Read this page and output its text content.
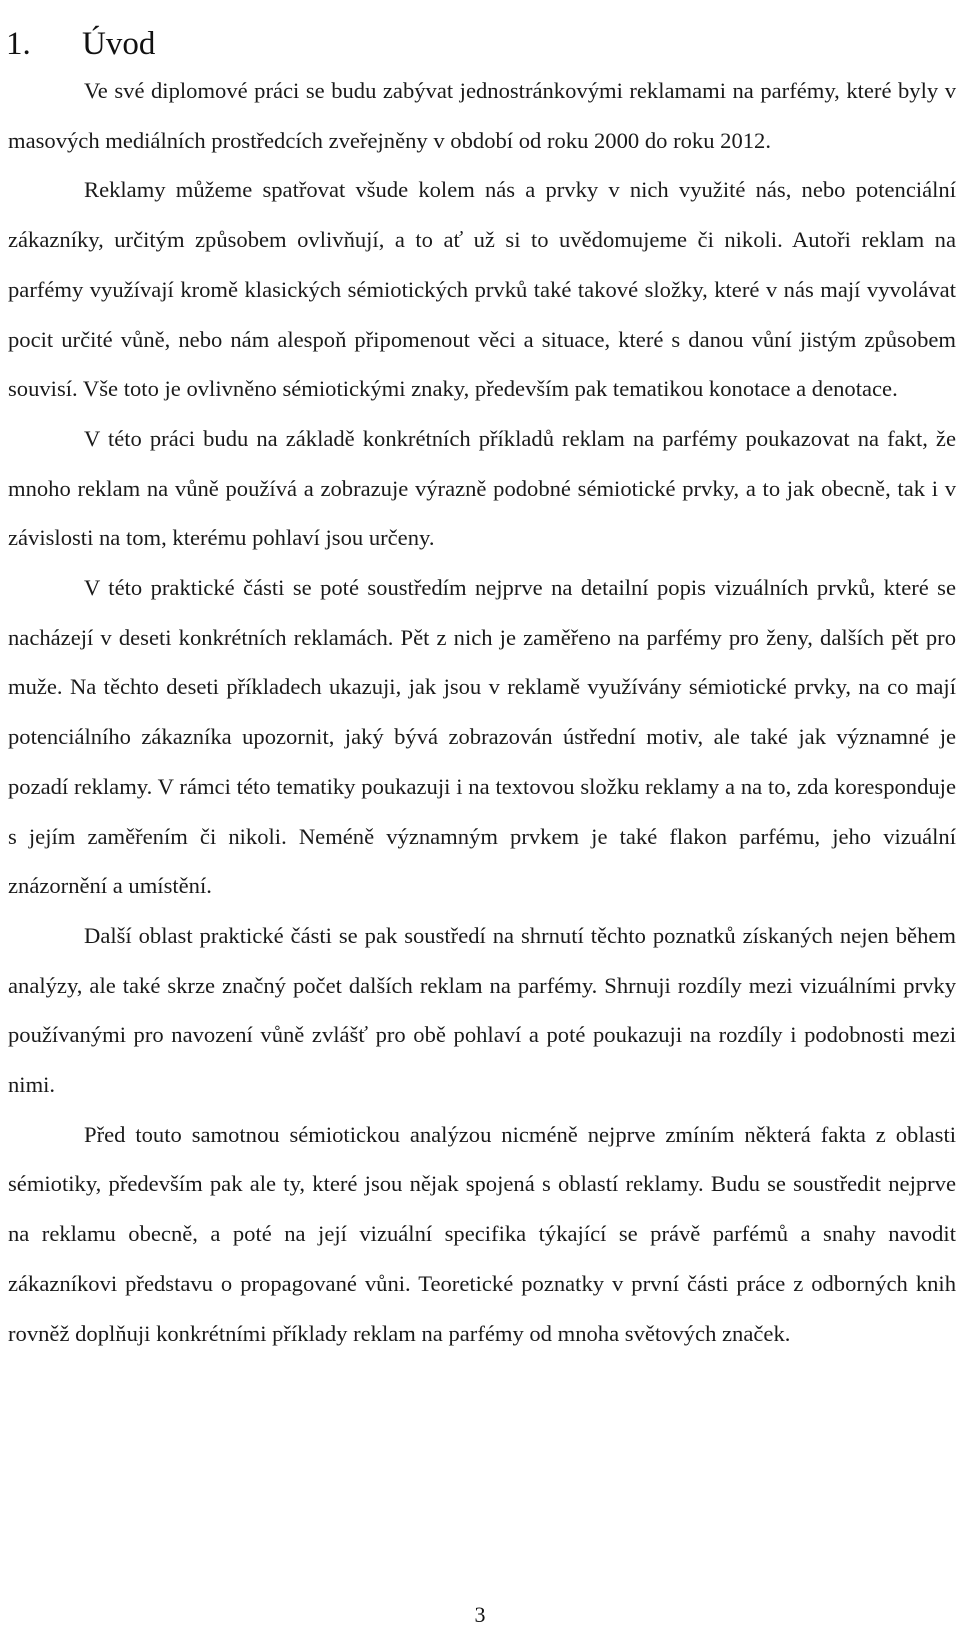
1.	Úvod

Ve své diplomové práci se budu zabývat jednostránkovými reklamami na parfémy, které byly v masových mediálních prostředcích zveřejněny v období od roku 2000 do roku 2012.

Reklamy můžeme spatřovat všude kolem nás a prvky v nich využité nás, nebo potenciální zákazníky, určitým způsobem ovlivňují, a to ať už si to uvědomujeme či nikoli. Autoři reklam na parfémy využívají kromě klasických sémiotických prvků také takové složky, které v nás mají vyvolávat pocit určité vůně, nebo nám alespoň připomenout věci a situace, které s danou vůní jistým způsobem souvisí. Vše toto je ovlivněno sémiotickými znaky, především pak tematikou konotace a denotace.

V této práci budu na základě konkrétních příkladů reklam na parfémy poukazovat na fakt, že mnoho reklam na vůně používá a zobrazuje výrazně podobné sémiotické prvky, a to jak obecně, tak i v závislosti na tom, kterému pohlaví jsou určeny.

V této praktické části se poté soustředím nejprve na detailní popis vizuálních prvků, které se nacházejí v deseti konkrétních reklamách. Pět z nich je zaměřeno na parfémy pro ženy, dalších pět pro muže. Na těchto deseti příkladech ukazuji, jak jsou v reklamě využívány sémiotické prvky, na co mají potenciálního zákazníka upozornit, jaký bývá zobrazován ústřední motiv, ale také jak významné je pozadí reklamy. V rámci této tematiky poukazuji i na textovou složku reklamy a na to, zda koresponduje s jejím zaměřením či nikoli. Neméně významným prvkem je také flakon parfému, jeho vizuální znázornění a umístění.

Další oblast praktické části se pak soustředí na shrnutí těchto poznatků získaných nejen během analýzy, ale také skrze značný počet dalších reklam na parfémy. Shrnuji rozdíly mezi vizuálními prvky používanými pro navození vůně zvlášť pro obě pohlaví a poté poukazuji na rozdíly i podobnosti mezi nimi.

Před touto samotnou sémiotickou analýzou nicméně nejprve zmíním některá fakta z oblasti sémiotiky, především pak ale ty, které jsou nějak spojená s oblastí reklamy. Budu se soustředit nejprve na reklamu obecně, a poté na její vizuální specifika týkající se právě parfémů a snahy navodit zákazníkovi představu o propagované vůni. Teoretické poznatky v první části práce z odborných knih rovněž doplňuji konkrétními příklady reklam na parfémy od mnoha světových značek.

3
